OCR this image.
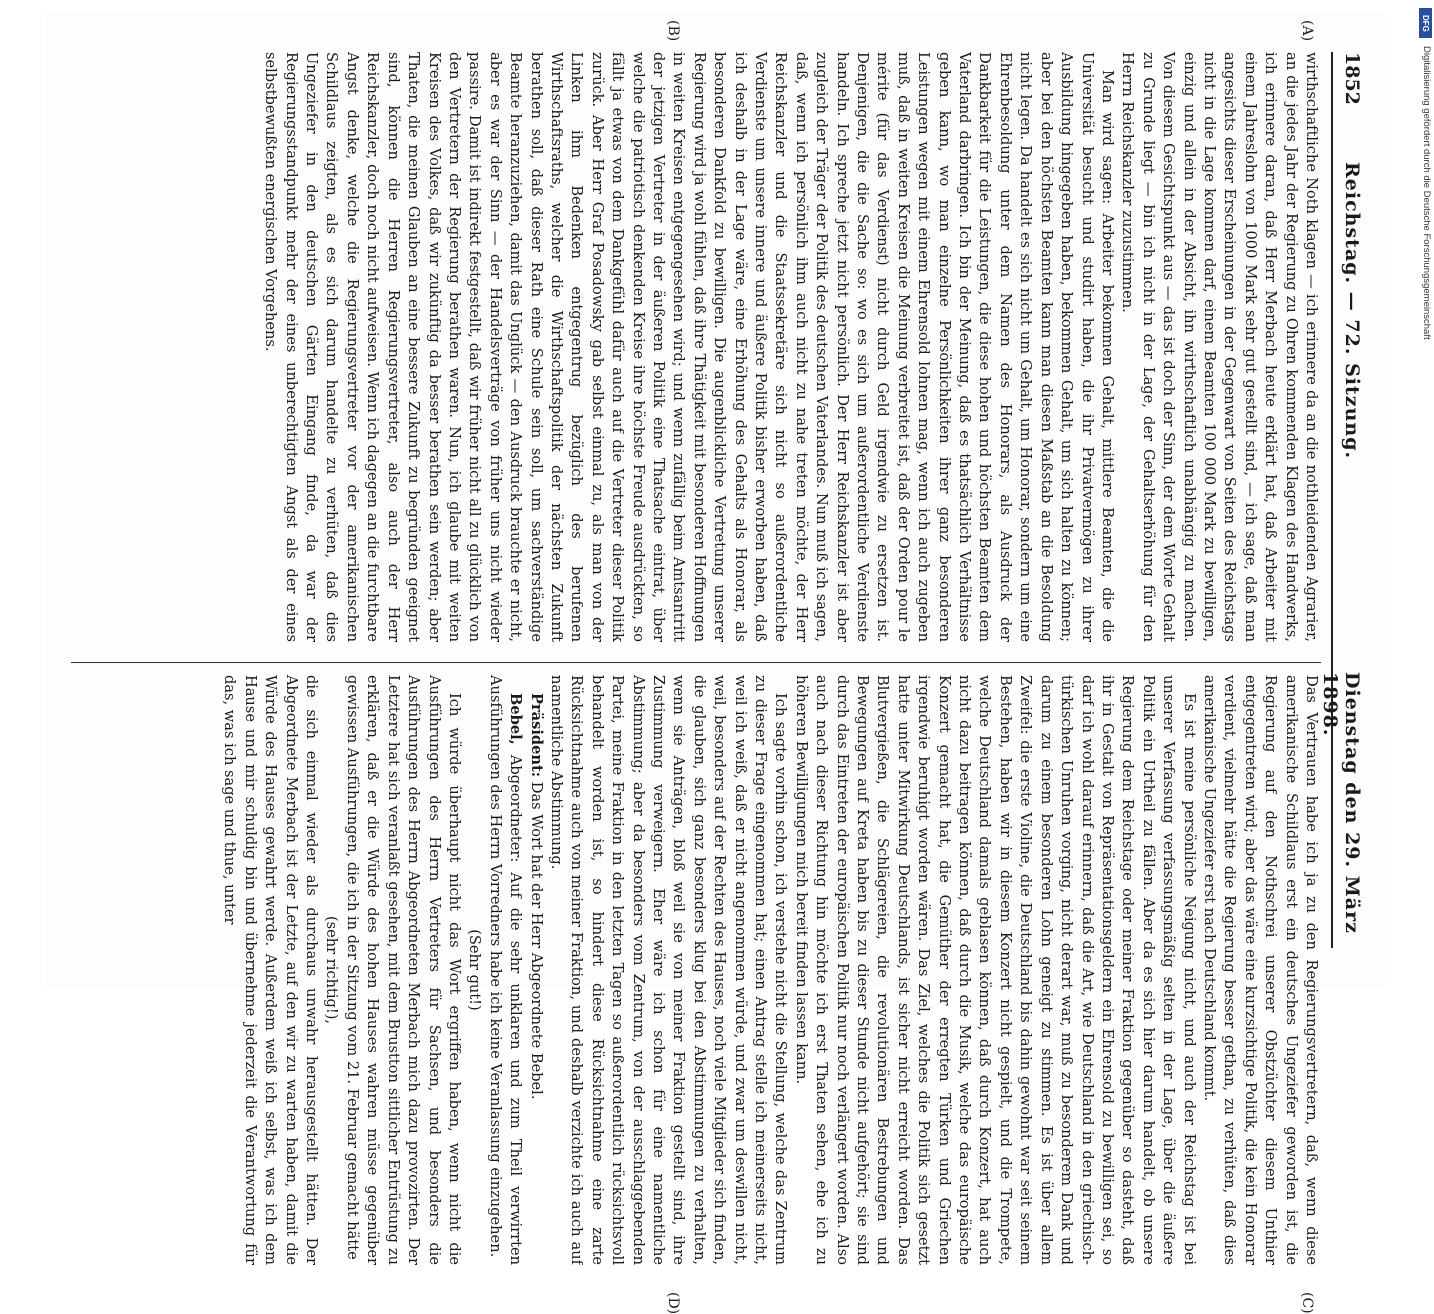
1852
Reichstag. — 72. Sitzung.
Dienstag den 29. März 1898.
(A)
(B)
(C)
(D)

wirthschaftliche Noth klagen — ich erinnere da an die nothleidenden Agrarier, an die jedes Jahr der Regierung zu Ohren kommenden Klagen des Handwerks, ich erinnere daran, daß Herr Merbach heute erklärt hat, daß Arbeiter mit einem Jahreslohn von 1000 Mark sehr gut gestellt sind, — ich sage, daß man angesichts dieser Erscheinungen in der Gegenwart von Seiten des Reichstags nicht in die Lage kommen darf, einem Beamten 100 000 Mark zu bewilligen, einzig und allein in der Absicht, ihn wirthschaftlich unabhängig zu machen. Von diesem Gesichtspunkt aus — das ist doch der Sinn, der dem Worte Gehalt zu Grunde liegt — bin ich nicht in der Lage, der Gehaltserhöhung für den Herrn Reichskanzler zuzustimmen.

Man wird sagen: Arbeiter bekommen Gehalt, mittlere Beamten, die die Universität besucht und studirt haben, die ihr Privatvermögen zu ihrer Ausbildung hingegeben haben, bekommen Gehalt, um sich halten zu können; aber bei den höchsten Beamten kann man diesen Maßstab an die Besoldung nicht legen. Da handelt es sich nicht um Gehalt, um Honorar, sondern um eine Ehrenbesoldung unter dem Namen des Honorars, als Ausdruck der Dankbarkeit für die Leistungen, die diese hohen und höchsten Beamten dem Vaterland darbringen. Ich bin der Meinung, daß es thatsächlich Verhältnisse geben kann, wo man einzelne Persönlichkeiten ihrer ganz besonderen Leistungen wegen mit einem Ehrensold lohnen mag, wenn ich auch zugeben muß, daß in weiten Kreisen die Meinung verbreitet ist, daß der Orden pour le mérite (für das Verdienst) nicht durch Geld irgendwie zu ersetzen ist. Denjenigen, die die Sache so: wo es sich um außerordentliche Verdienste handeln. Ich spreche jetzt nicht persönlich. Der Herr Reichskanzler ist aber zugleich der Träger der Politik des deutschen Vaterlandes. Nun muß ich sagen, daß, wenn ich persönlich ihm auch nicht zu nahe treten möchte, der Herr Reichskanzler und die Staatssekretäre sich nicht so außerordentliche Verdienste um unsere innere und äußere Politik bisher erworben haben, daß ich deshalb in der Lage wäre, eine Erhöhung des Gehalts als Honorar, als besonderen Dankfold zu bewilligen. Die augenblickliche Vertretung unserer Regierung wird ja wohl fühlen, daß ihre Thätigkeit mit besonderen Hoffnungen in weiten Kreisen entgegengesehen wird; und wenn zufällig beim Amtsantritt der jetzigen Vertreter in der äußeren Politik eine Thatsache eintrat, über welche die patriotisch denkenden Kreise ihre höchste Freude ausdrückten, so fällt ja etwas von dem Dankgefühl dafür auch auf die Vertreter dieser Politik zurück. Aber Herr Graf Posadowsky gab selbst einmal zu, als man von der Linken ihm Bedenken entgegentrug bezüglich des berufenen Wirthschaftsraths, welcher die Wirthschaftspolitik der nächsten Zukunft berathen soll, daß dieser Rath eine Schule sein soll, um sachverständige Beamte heranzuziehen, damit das Unglück — den Ausdruck brauchte er nicht, aber es war der Sinn — der Handelsverträge von früher uns nicht wieder passire. Damit ist indirekt festgestellt, daß wir früher nicht all zu glücklich von den Vertretern der Regierung berathen waren. Nun, ich glaube mit weiten Kreisen des Volkes, daß wir zukünftig da besser berathen sein werden; aber Thaten, die meinen Glauben an eine bessere Zukunft zu begründen geeignet sind, können die Herren Regierungsvertreter, also auch der Herr Reichskanzler, doch noch nicht aufweisen. Wenn ich dagegen an die furchtbare Angst denke, welche die Regierungsvertreter vor der amerikanischen Schildlaus zeigten, als es sich darum handelte zu verhüten, daß dies Ungeziefer in den deutschen Gärten Eingang finde, da war der Regierungsstandpunkt mehr der eines unberechtigten Angst als der eines selbstbewußten energischen Vorgehens.

Das Vertrauen habe ich ja zu den Regierungsvertretern, daß, wenn diese amerikanische Schildlaus erst ein deutsches Ungeziefer geworden ist, die Regierung auf den Nothschrei unserer Obstzüchter diesem Unthier entgegentreten wird; aber das wäre eine kurzsichtige Politik, die kein Honorar verdient, vielmehr hätte die Regierung besser gethan, zu verhüten, daß dies amerikanische Ungeziefer erst nach Deutschland kommt.

Es ist meine persönliche Neigung nicht, und auch der Reichstag ist bei unserer Verfassung verfassungsmäßig selten in der Lage, über die äußere Politik ein Urtheil zu fällen. Aber da es sich hier darum handelt, ob unsere Regierung dem Reichstage oder meiner Fraktion gegenüber so dasteht, daß ihr in Gestalt von Repräsentationsgeldern ein Ehrensold zu bewilligen sei, so darf ich wohl darauf erinnern, daß die Art, wie Deutschland in den griechisch-türkischen Unruhen vorging, nicht derart war, muß zu besonderem Dank und darum zu einem besonderen Lohn geneigt zu stimmen. Es ist über allem Zweifel: die erste Violine, die Deutschland bis dahin gewohnt war seit seinem Bestehen, haben wir in diesem Konzert nicht gespielt, und die Trompete, welche Deutschland damals geblasen können, daß durch Konzert, hat auch nicht dazu beitragen können, daß durch die Musik, welche das europäische Konzert gemacht hat, die Gemüther der erregten Türken und Griechen irgendwie beruhigt worden wären. Das Ziel, welches die Politik sich gesetzt hatte unter Mitwirkung Deutschlands, ist sicher nicht erreicht worden. Das Blutvergießen, die Schlägereien, die revolutionären Bestrebungen und Bewegungen auf Kreta haben bis zu dieser Stunde nicht aufgehört; sie sind durch das Eintreten der europäischen Politik nur noch verlängert worden. Also auch nach dieser Richtung hin möchte ich erst Thaten sehen, ehe ich zu höheren Bewilligungen mich bereit finden lassen kann.

Ich sagte vorhin schon, ich verstehe nicht die Stellung, welche das Zentrum zu dieser Frage eingenommen hat; einen Antrag stelle ich meinerseits nicht, weil ich weiß, daß er nicht angenommen würde, und zwar um deswillen nicht, weil, besonders auf der Rechten des Hauses, noch viele Mitglieder sich finden, die glauben, sich ganz besonders klug bei den Abstimmungen zu verhalten, wenn sie Anträgen, bloß weil sie von meiner Fraktion gestellt sind, ihre Zustimmung verweigern. Eher wäre ich schon für eine namentliche Abstimmung; aber da besonders vom Zentrum, von der ausschlaggebenden Partei, meine Fraktion in den letzten Tagen so außerordentlich rücksichtsvoll behandelt worden ist, so hindert diese Rücksichtnahme eine zarte Rücksichtnahme auch von meiner Fraktion, und deshalb verzichte ich auch auf namentliche Abstimmung.

Präsident: Das Wort hat der Herr Abgeordnete Bebel.

Bebel, Abgeordneter: Auf die sehr unklaren und zum Theil verwirrten Ausführungen des Herrn Vorredners habe ich keine Veranlassung einzugehen.

(Sehr gut!)

Ich würde überhaupt nicht das Wort ergriffen haben, wenn nicht die Ausführungen des Herrn Vertreters für Sachsen, und besonders die Ausführungen des Herrn Abgeordneten Merbach mich dazu provozirten. Der Letztere hat sich veranlaßt gesehen, mit dem Brustton sittlicher Entrüstung zu erklären, daß er die Würde des hohen Hauses wahren müsse gegenüber gewissen Ausführungen, die ich in der Sitzung vom 21. Februar gemacht hätte

(sehr richtig!),

die sich einmal wieder als durchaus unwahr herausgestellt hätten. Der Abgeordnete Merbach ist der Letzte, auf den wir zu warten haben, damit die Würde des Hauses gewahrt werde. Außerdem weiß ich selbst, was ich dem Hause und mir schuldig bin und übernehme jederzeit die Verantwortung für das, was ich sage und thue, unter

DFG
Digitalisierung gefördert durch die Deutsche Forschungsgemeinschaft
